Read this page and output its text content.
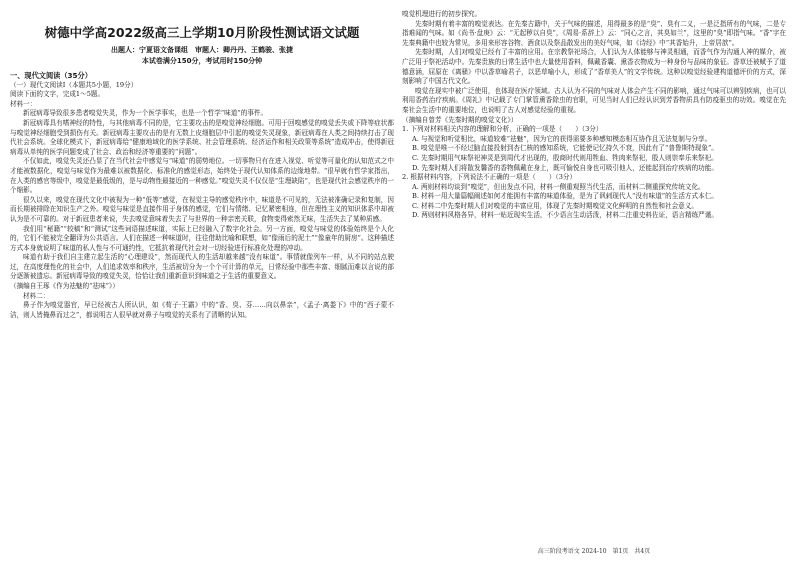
树德中学高2022级高三上学期10月阶段性测试语文试题
出题人：宁夏语文备课组　审题人：卿丹丹、王鹤骏、张捷
本试卷满分150分，考试用时150分钟
一、现代文阅读（35分）

（一）现代文阅读Ⅰ（本题共5小题，19分）

阅读下面的文字，完成1～5题。

材料一：

新冠病毒导致很多患者嗅觉失灵，作为一个医学事实，也是一个哲学“味道”的事件。

新冠病毒具有嗜神经的特性，与其他病毒不同的是，它主要攻击的是嗅觉神经细胞。可用于回嗅感觉的嗅觉丢失或下降等症状都与嗅觉神经细胞受到损伤有关。新冠病毒主要攻击的是有无数上皮细胞层中引起的嗅觉失灵现象，新冠病毒在人类之间持续打击了现代社会系统。全球化模式下，新冠病毒给“健康地域化的医学系统、社会管理系统、经济运作和相关政策等系统”造成冲击，使得新冠病毒从单纯的医学问题变成了社会、政治和经济等重要的“问题”。

不仅如此，嗅觉失灵还凸显了在当代社会中感觉与“味道”的弱势地位。一切事物只有在进入视觉、听觉等可量化的认知范式之中才能被数据化，嗅觉与味觉作为最难以被数据化、标准化的感觉形态，始终处于现代认知体系的边缘地带。“很早就有哲学家指出，在人类的感官等级中，嗅觉是最低级的，是与动物性最接近的一种感觉。”嗅觉失灵不仅仅是“生理缺陷”，也是现代社会感觉秩序的一个缩影。

很久以来，嗅觉在现代文化中被视为一种“低等”感觉，在视觉主导的感觉秩序中，味道是不可见的，无法被准确记录和复制，因而长期被排除在知识生产之外。嗅觉与味觉是直接作用于身体的感觉，它们与情绪、记忆紧密相连，但在理性主义的知识体系中却被认为是不可靠的。对于新冠患者来说，失去嗅觉意味着失去了与世界的一种亲密关联，食物变得索然无味，生活失去了某种质感。

我们用“秘籍”“较稿”和“测试”这些词语描述味道，实际上已经融入了数字化社会。另一方面，嗅觉与味觉的体验始终是个人化的，它们不能被完全翻译为公共语言。人们在描述一种味道时，往往借助比喻和联想，如“像雨后的泥土”“像童年的厨房”。这种描述方式本身就说明了味道的私人性与不可通约性，它抵抗着现代社会对一切经验进行标准化处理的冲动。

味道有助于我们自主建立起生活的“心理建设”，然而现代人的生活却越来越“没有味道”。事情就像列车一样，从不同的站点驶过，在高度理性化的社会中，人们追求效率和秩序，生活被切分为一个个可计算的单元，日常经验中那些丰富、细腻而难以言说的部分逐渐被遗忘。新冠病毒导致的嗅觉失灵，恰恰让我们重新意识到味道之于生活的重要意义。

（摘编自王琢《作为祛魅的“祛味”》）

材料二：

鼻子作为嗅觉器官，早已经被古人所认识，如《荀子·王霸》中的“香、臭、芬……向以鼻亲”，《孟子·离娄下》中的“西子蒙不洁，则人皆掩鼻而过之”，都说明古人很早就对鼻子与嗅觉的关系有了清晰的认知。

嗅觉机理进行的初步探究。

先秦时期有着丰富的嗅觉表达。在先秦古籍中，关于气味的描述，用得最多的是“臭”、臭有二义，一是泛指所有的气味，二是专指难闻的气味。如《尚书·盘庚》云：“无起秽以自臭”，《周易·系辞上》云：“同心之言，其臭如兰”，这里的“臭”即指气味。“香”字在先秦典籍中也较为常见，多用来形容谷物、酒食以及祭品散发出的美好气味，如《诗经》中“其香始升，上帝居歆”。

先秦时期，人们对嗅觉已经有了丰富的应用。在宗教祭祀场合，人们认为人体能够与神灵相通，而香气作为沟通人神的媒介，被广泛用于祭祀活动中。先秦贵族的日常生活中也大量使用香料，佩戴香囊、熏香衣物成为一种身份与品味的象征。香草还被赋予了道德意涵，屈原在《离骚》中以香草喻君子，以恶草喻小人，形成了“香草美人”的文学传统。这种以嗅觉经验建构道德评价的方式，深刻影响了中国古代文化。

嗅觉在现实中被广泛使用，也体现在医疗领域。古人认为不同的气味对人体会产生不同的影响，通过气味可以辨别疾病，也可以利用香药治疗疾病。《周礼》中记载了专门掌管熏香除虫的官职，可见当时人们已经认识到芳香物质具有防疫驱虫的功效。嗅觉在先秦社会生活中的重要地位，也说明了古人对感觉经验的重视。

（摘编自曾芳《先秦时期的嗅觉文化》）

1. 下列对材料相关内容的理解和分析，正确的一项是（　　）（3分）

A. 与视觉和听觉相比，味道较难“祛魅”，因为它的获得需要多种感知模态相互协作且无法复制与分享。

B. 嗅觉是唯一不经过脑直接投射到杏仁核的感知系统，它能使记忆持久不衰，因此有了“普鲁斯特现象”。

C. 先秦时期用气味祭祀神灵是到周代才出现的，殷商时代则用牲血、牲肉来祭祀，殷人则崇奉乐来祭祀。

D. 先秦时期人们将散发馨香的香物佩戴在身上，既可愉悦自身也可吸引他人，还能起到治疗疾病的功能。

2. 根据材料内容，下列说法不正确的一项是（　　）（3分）

A. 两则材料均谈到“嗅觉”，但出发点不同，材料一侧重观照当代生活，而材料二侧重探究传统文化。

B. 材料一用大量篇幅阐述如何才能拥有丰富的味道体验，是为了讽刺现代人“没有味道”的生活方式本仁。

C. 材料二中先秦时期人们对嗅觉的丰富应用，体现了先秦时期嗅觉文化鲜明的自然性和社会意义。

D. 两则材料风格各异，材料一贴近现实生活，不少语言生动活泼，材料二注重史料佐证，语言精练严谨。

高三阶段考语文 2024-10　第1页　共4页
